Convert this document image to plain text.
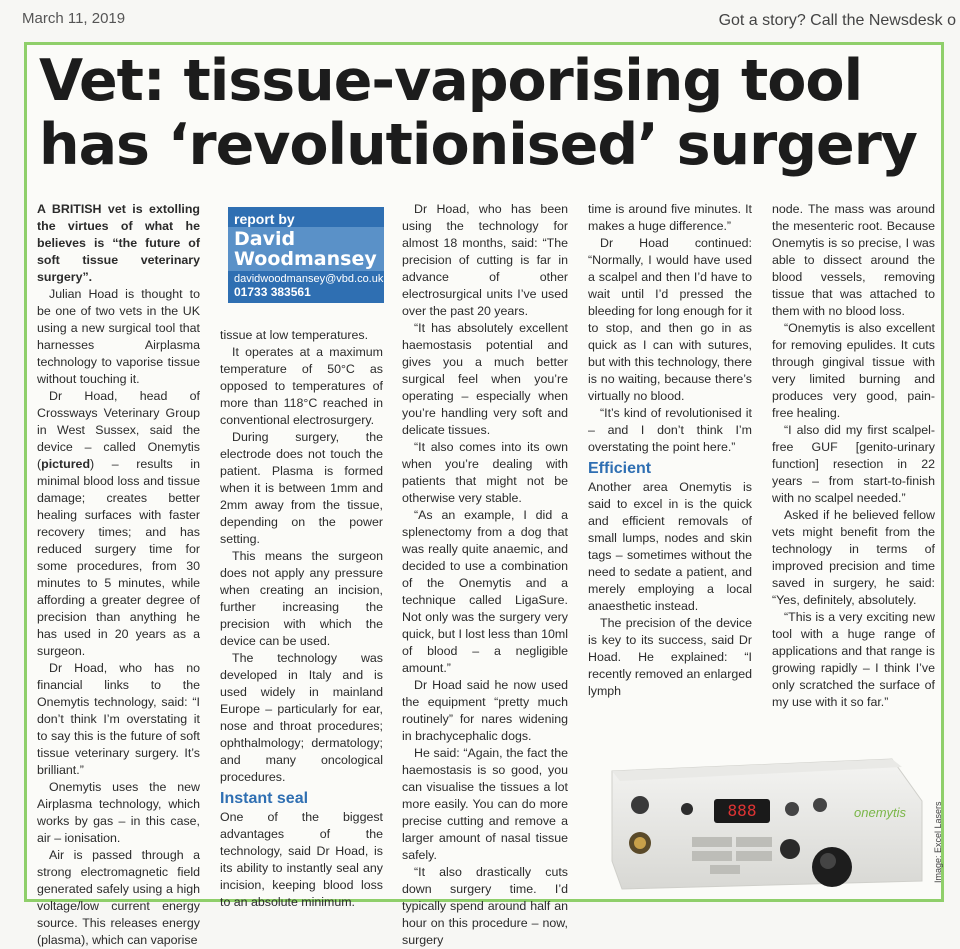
March 11, 2019	Got a story? Call the Newsdesk o
Vet: tissue-vaporising tool
has ‘revolutionised’ surgery

A BRITISH vet is extolling the virtues of what he believes is “the future of soft tissue veterinary surgery”.

Julian Hoad is thought to be one of two vets in the UK using a new surgical tool that harnesses Airplasma technology to vaporise tissue without touching it.

Dr Hoad, head of Crossways Veterinary Group in West Sussex, said the device – called Onemytis (pictured) – results in minimal blood loss and tissue damage; creates better healing surfaces with faster recovery times; and has reduced surgery time for some procedures, from 30 minutes to 5 minutes, while affording a greater degree of precision than anything he has used in 20 years as a surgeon.

Dr Hoad, who has no financial links to the Onemytis technology, said: “I don’t think I’m overstating it to say this is the future of soft tissue veterinary surgery. It’s brilliant.”

Onemytis uses the new Airplasma technology, which works by gas – in this case, air – ionisation.

Air is passed through a strong electromagnetic field generated safely using a high voltage/low current energy source. This releases energy (plasma), which can vaporise

report by
David
Woodmansey
davidwoodmansey@vbd.co.uk
01733 383561

tissue at low temperatures.

It operates at a maximum temperature of 50°C as opposed to temperatures of more than 118°C reached in conventional electrosurgery.

During surgery, the electrode does not touch the patient. Plasma is formed when it is between 1mm and 2mm away from the tissue, depending on the power setting.

This means the surgeon does not apply any pressure when creating an incision, further increasing the precision with which the device can be used.

The technology was developed in Italy and is used widely in mainland Europe – particularly for ear, nose and throat procedures; ophthalmology; dermatology; and many oncological procedures.

Instant seal

One of the biggest advantages of the technology, said Dr Hoad, is its ability to instantly seal any incision, keeping blood loss to an absolute minimum.

Dr Hoad, who has been using the technology for almost 18 months, said: “The precision of cutting is far in advance of other electrosurgical units I’ve used over the past 20 years.

“It has absolutely excellent haemostasis potential and gives you a much better surgical feel when you’re operating – especially when you’re handling very soft and delicate tissues.

“It also comes into its own when you’re dealing with patients that might not be otherwise very stable.

“As an example, I did a splenectomy from a dog that was really quite anaemic, and decided to use a combination of the Onemytis and a technique called LigaSure. Not only was the surgery very quick, but I lost less than 10ml of blood – a negligible amount.”

Dr Hoad said he now used the equipment “pretty much routinely” for nares widening in brachycephalic dogs.

He said: “Again, the fact the haemostasis is so good, you can visualise the tissues a lot more easily. You can do more precise cutting and remove a larger amount of nasal tissue safely.

“It also drastically cuts down surgery time. I’d typically spend around half an hour on this procedure – now, surgery

time is around five minutes. It makes a huge difference.”

Dr Hoad continued: “Normally, I would have used a scalpel and then I’d have to wait until I’d pressed the bleeding for long enough for it to stop, and then go in as quick as I can with sutures, but with this technology, there is no waiting, because there’s virtually no blood.

“It’s kind of revolutionised it – and I don’t think I’m overstating the point here.”

Efficient

Another area Onemytis is said to excel in is the quick and efficient removals of small lumps, nodes and skin tags – sometimes without the need to sedate a patient, and merely employing a local anaesthetic instead.

The precision of the device is key to its success, said Dr Hoad. He explained: “I recently removed an enlarged lymph

node. The mass was around the mesenteric root. Because Onemytis is so precise, I was able to dissect around the blood vessels, removing tissue that was attached to them with no blood loss.

“Onemytis is also excellent for removing epulides. It cuts through gingival tissue with very limited burning and produces very good, pain-free healing.

“I also did my first scalpel-free GUF [genito-urinary function] resection in 22 years – from start-to-finish with no scalpel needed.”

Asked if he believed fellow vets might benefit from the technology in terms of improved precision and time saved in surgery, he said: “Yes, definitely, absolutely.

“This is a very exciting new tool with a huge range of applications and that range is growing rapidly – I think I’ve only scratched the surface of my use with it so far.”

888	onemytis	Image: Excel Lasers
